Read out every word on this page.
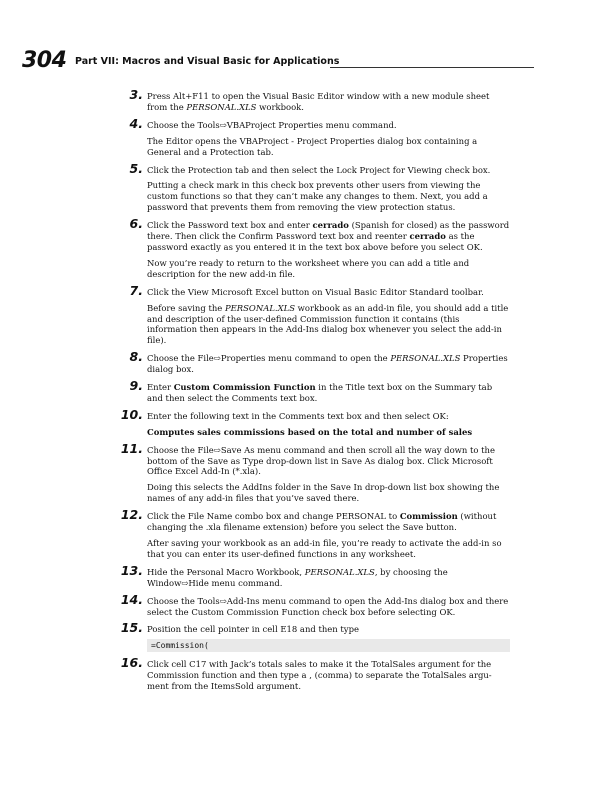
304 Part VII: Macros and Visual Basic for Applications
3. Press Alt+F11 to open the Visual Basic Editor window with a new module sheet from the PERSONAL.XLS workbook.
4. Choose the Tools⇨VBAProject Properties menu command.
The Editor opens the VBAProject - Project Properties dialog box containing a General and a Protection tab.
5. Click the Protection tab and then select the Lock Project for Viewing check box.
Putting a check mark in this check box prevents other users from viewing the custom functions so that they can’t make any changes to them. Next, you add a password that prevents them from removing the view protection status.
6. Click the Password text box and enter cerrado (Spanish for closed) as the password there. Then click the Confirm Password text box and reenter cerrado as the password exactly as you entered it in the text box above before you select OK.
Now you’re ready to return to the worksheet where you can add a title and description for the new add-in file.
7. Click the View Microsoft Excel button on Visual Basic Editor Standard toolbar.
Before saving the PERSONAL.XLS workbook as an add-in file, you should add a title and description of the user-defined Commission function it contains (this information then appears in the Add-Ins dialog box whenever you select the add-in file).
8. Choose the File⇨Properties menu command to open the PERSONAL.XLS Properties dialog box.
9. Enter Custom Commission Function in the Title text box on the Summary tab and then select the Comments text box.
10. Enter the following text in the Comments text box and then select OK:
Computes sales commissions based on the total and number of sales
11. Choose the File⇨Save As menu command and then scroll all the way down to the bottom of the Save as Type drop-down list in Save As dialog box. Click Microsoft Office Excel Add-In (*.xla).
Doing this selects the AddIns folder in the Save In drop-down list box showing the names of any add-in files that you’ve saved there.
12. Click the File Name combo box and change PERSONAL to Commission (without changing the .xla filename extension) before you select the Save button.
After saving your workbook as an add-in file, you’re ready to activate the add-in so that you can enter its user-defined functions in any worksheet.
13. Hide the Personal Macro Workbook, PERSONAL.XLS, by choosing the Window⇨Hide menu command.
14. Choose the Tools⇨Add-Ins menu command to open the Add-Ins dialog box and there select the Custom Commission Function check box before selecting OK.
15. Position the cell pointer in cell E18 and then type
=Commission(
16. Click cell C17 with Jack’s totals sales to make it the TotalSales argument for the Commission function and then type a , (comma) to separate the TotalSales argu-ment from the ItemsSold argument.
